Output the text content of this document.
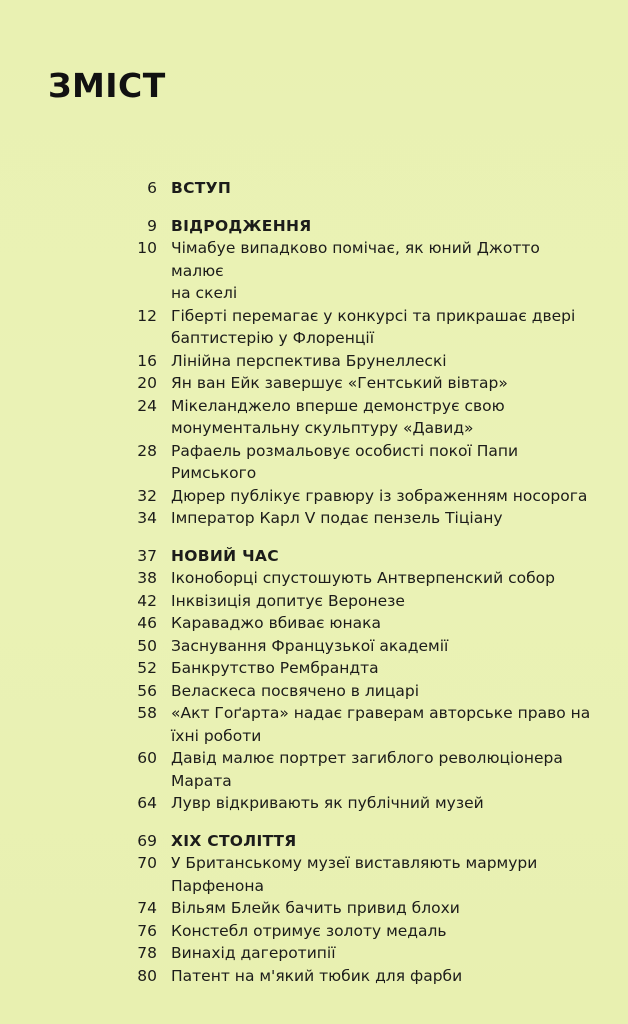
ЗМІСТ
6 ВСТУП
9 ВІДРОДЖЕННЯ
10 Чімабуе випадково помічає, як юний Джотто малює
на скелі
12 Гіберті перемагає у конкурсі та прикрашає двері
баптистерію у Флоренції
16 Лінійна перспектива Брунеллескі
20 Ян ван Ейк завершує «Гентський вівтар»
24 Мікеланджело вперше демонструє свою
монументальну скульптуру «Давид»
28 Рафаель розмальовує особисті покої Папи
Римського
32 Дюрер публікує гравюру із зображенням носорога
34 Імператор Карл V подає пензель Тіціану
37 НОВИЙ ЧАС
38 Іконоборці спустошують Антверпенский собор
42 Інквізиція допитує Веронезе
46 Караваджо вбиває юнака
50 Заснування Французької академії
52 Банкрутство Рембрандта
56 Веласкеса посвячено в лицарі
58 «Акт Гоґарта» надає граверам авторське право на
їхні роботи
60 Давід малює портрет загиблого революціонера
Марата
64 Лувр відкривають як публічний музей
69 XIX СТОЛІТТЯ
70 У Британському музеї виставляють мармури
Парфенона
74 Вільям Блейк бачить привид блохи
76 Констебл отримує золоту медаль
78 Винахід дагеротипії
80 Патент на м'який тюбик для фарби
